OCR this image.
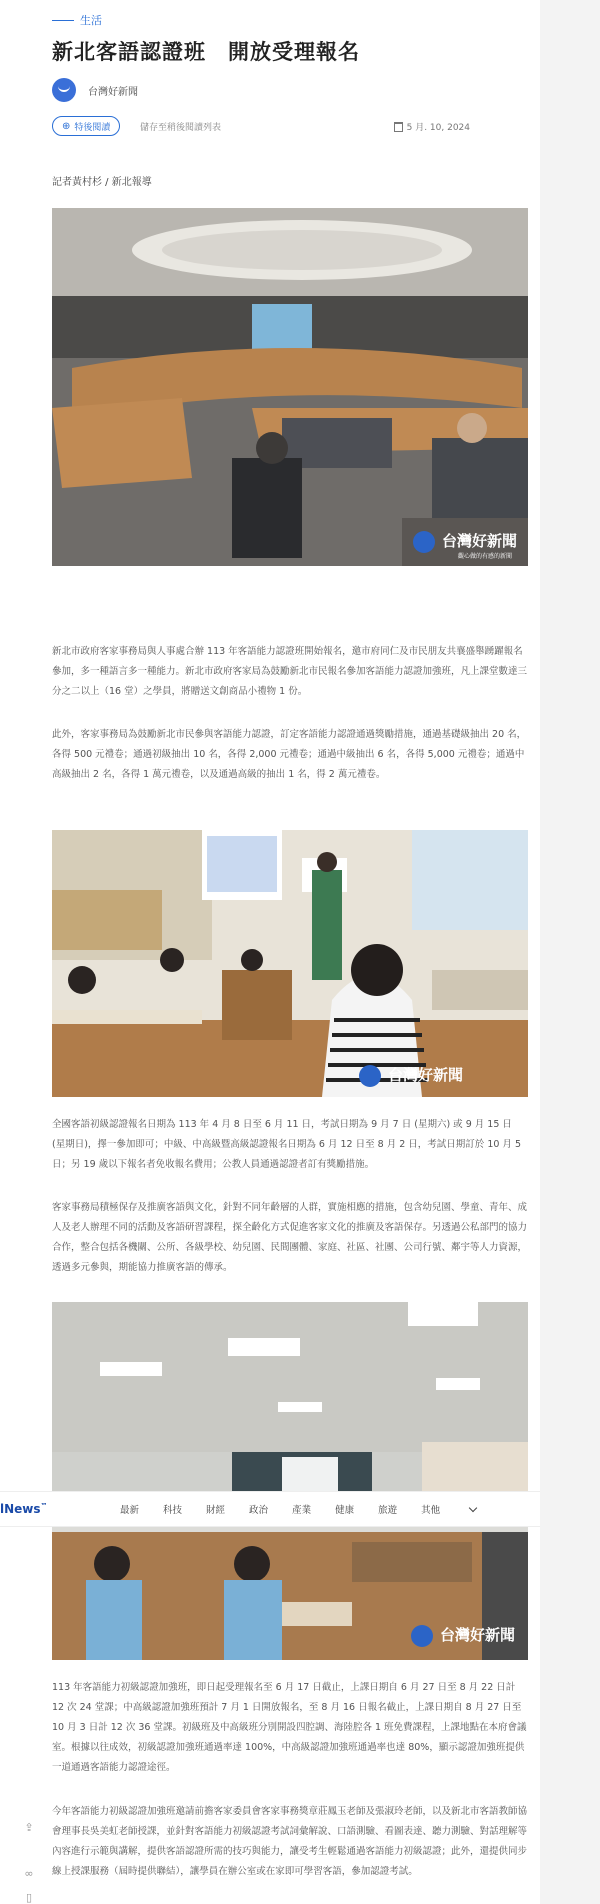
生活
新北客語認證班　開放受理報名
台灣好新聞
⊕ 特後閱讀	儲存至稍後閱讀列表	5 月. 10, 2024
記者黃村杉 / 新北報導
台灣好新聞
觀心做的有感的新聞

新北市政府客家事務局與人事處合辦 113 年客語能力認證班開始報名，邀市府同仁及市民朋友共襄盛舉踴躍報名參加，多一種語言多一種能力。新北市政府客家局為鼓勵新北市民報名參加客語能力認證加強班，凡上課堂數達三分之二以上（16 堂）之學員，將贈送文創商品小禮物 1 份。

此外，客家事務局為鼓勵新北市民參與客語能力認證，訂定客語能力認證通過獎勵措施，通過基礎級抽出 20 名，各得 500 元禮卷；通過初級抽出 10 名，各得 2,000 元禮卷；通過中級抽出 6 名，各得 5,000 元禮卷；通過中高級抽出 2 名，各得 1 萬元禮卷，以及通過高級的抽出 1 名，得 2 萬元禮卷。

台灣好新聞

全國客語初級認證報名日期為 113 年 4 月 8 日至 6 月 11 日，考試日期為 9 月 7 日 (星期六) 或 9 月 15 日 (星期日)，擇一參加即可；中級、中高級暨高級認證報名日期為 6 月 12 日至 8 月 2 日，考試日期訂於 10 月 5 日；另 19 歲以下報名者免收報名費用；公教人員通過認證者訂有獎勵措施。

客家事務局積極保存及推廣客語與文化，針對不同年齡層的人群，實施相應的措施，包含幼兒園、學童、青年、成人及老人辦理不同的活動及客語研習課程，探全齡化方式促進客家文化的推廣及客語保存。另透過公私部門的協力合作，整合包括各機關、公所、各級學校、幼兒園、民間團體、家庭、社區、社團、公司行號、鄰宇等人力資源，透過多元參與，期能協力推廣客語的傳承。

台灣好新聞

113 年客語能力初級認證加強班，即日起受理報名至 6 月 17 日截止，上課日期自 6 月 27 日至 8 月 22 日計 12 次 24 堂課；中高級認證加強班預計 7 月 1 日開放報名，至 8 月 16 日報名截止，上課日期自 8 月 27 日至 10 月 3 日計 12 次 36 堂課。初級班及中高級班分別開設四腔調、海陸腔各 1 班免費課程，上課地點在本府會議室。根據以往成效，初級認證加強班通過率達 100%，中高級認證加強班通過率也達 80%，顯示認證加強班提供一道通過客語能力認證途徑。

今年客語能力初級認證加強班邀請前擔客家委員會客家事務獎章莊鳳玉老師及張淑玲老師，以及新北市客語教師協會理事長吳美虹老師授課，並針對客語能力初級認證考試詞彙解說、口語測驗、看圖表達、聽力測驗、對話理解等內容進行示範與講解，提供客語認證所需的技巧與能力，讓受考生輕鬆通過客語能力初級認證；此外，還提供同步線上授課服務（屆時提供聯結），讓學員在辦公室或在家即可學習客語，參加認證考試。

lNews™	最新	科技	財經	政治	產業	健康	旅遊	其他
⇪
∞
▯
